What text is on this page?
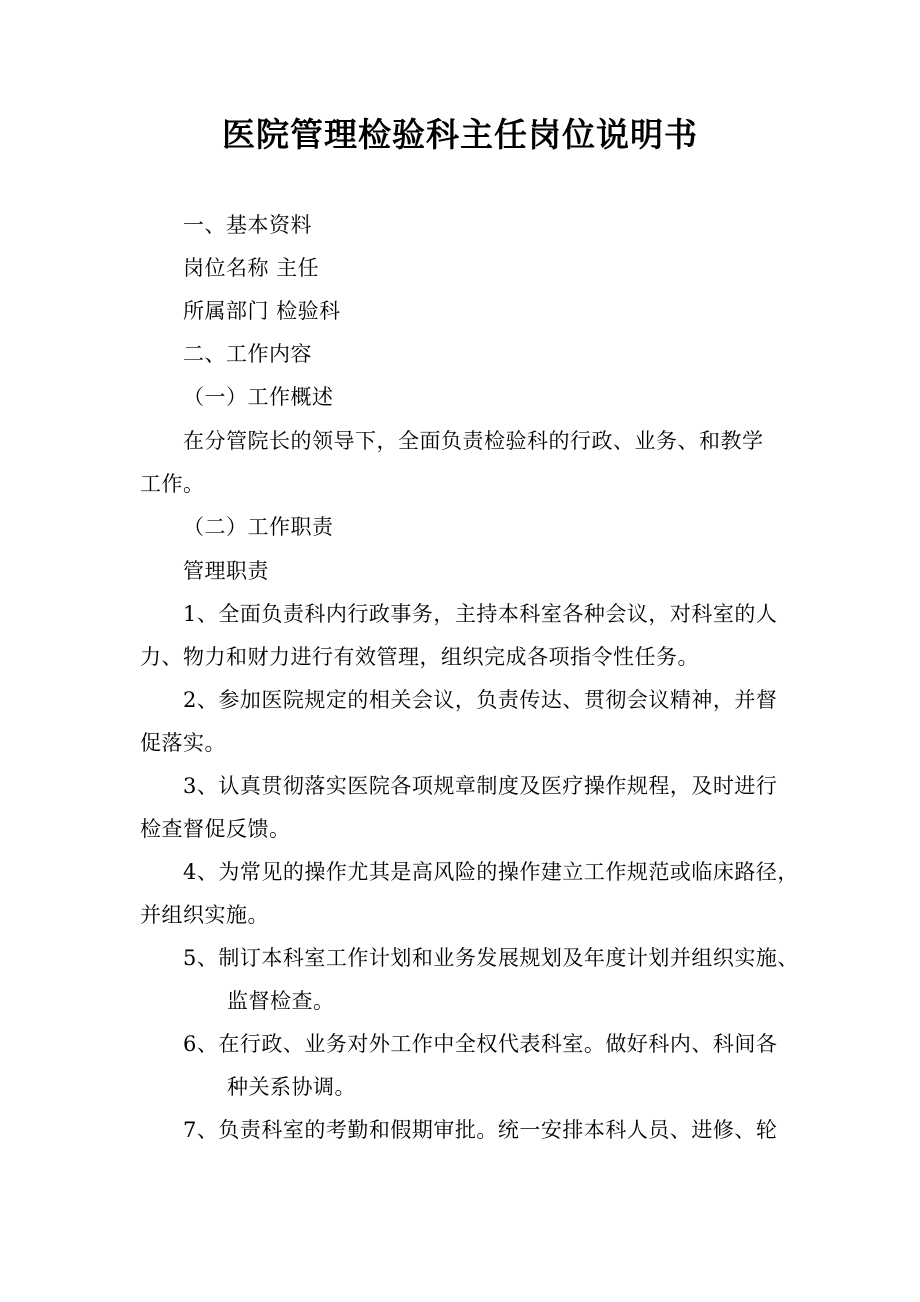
医院管理检验科主任岗位说明书
一、基本资料
岗位名称 主任
所属部门 检验科
二、工作内容
（一）工作概述
在分管院长的领导下，全面负责检验科的行政、业务、和教学
工作。
（二）工作职责
管理职责
1、全面负责科内行政事务，主持本科室各种会议，对科室的人
力、物力和财力进行有效管理，组织完成各项指令性任务。
2、参加医院规定的相关会议，负责传达、贯彻会议精神，并督
促落实。
3、认真贯彻落实医院各项规章制度及医疗操作规程，及时进行
检查督促反馈。
4、为常见的操作尤其是高风险的操作建立工作规范或临床路径，
并组织实施。
5、制订本科室工作计划和业务发展规划及年度计划并组织实施、
监督检查。
6、在行政、业务对外工作中全权代表科室。做好科内、科间各
种关系协调。
7、负责科室的考勤和假期审批。统一安排本科人员、进修、轮
